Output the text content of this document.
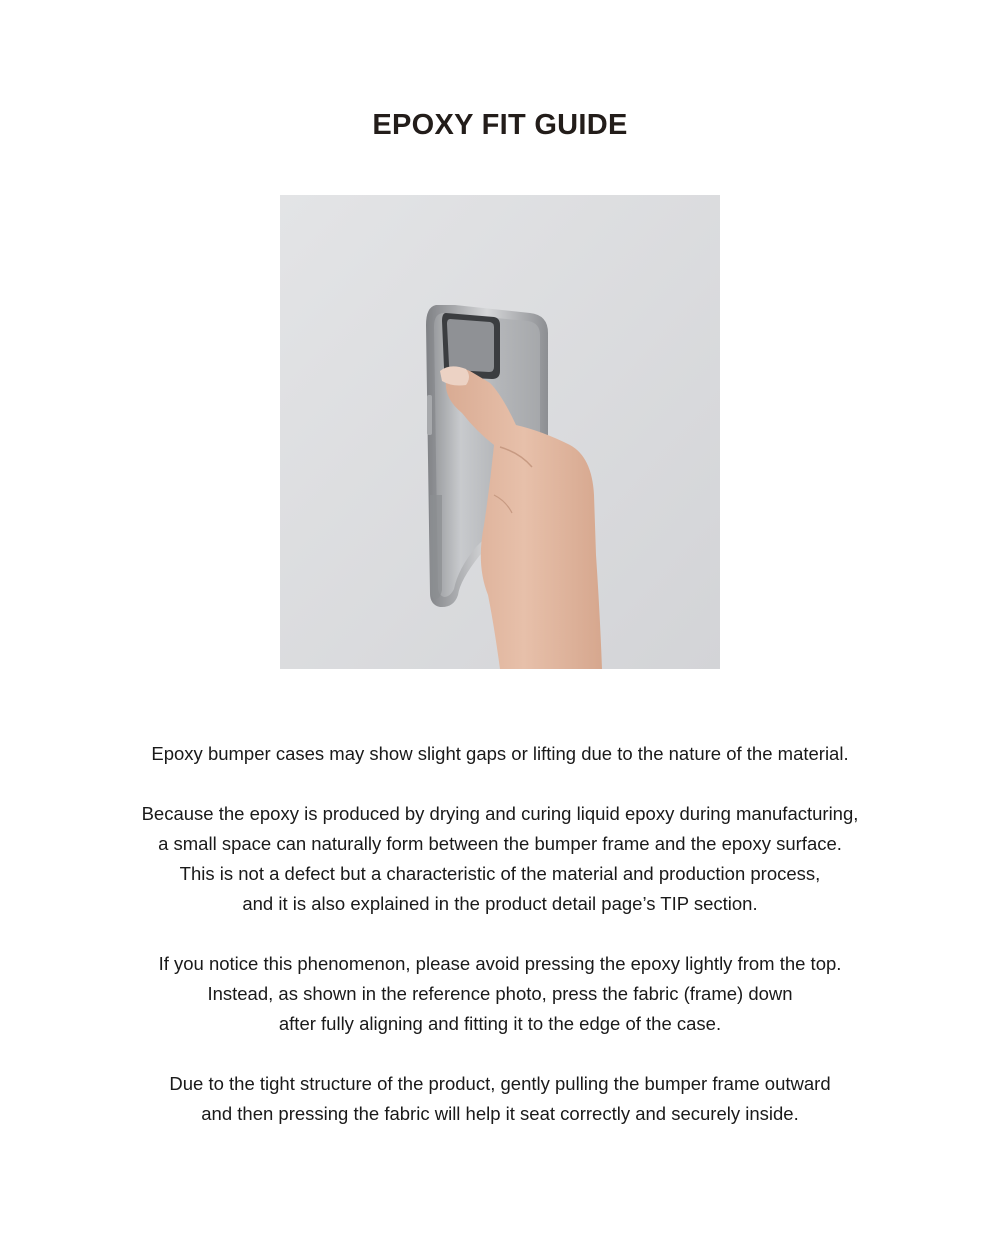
EPOXY FIT GUIDE

Epoxy bumper cases may show slight gaps or lifting due to the nature of the material.

Because the epoxy is produced by drying and curing liquid epoxy during manufacturing,
a small space can naturally form between the bumper frame and the epoxy surface.
This is not a defect but a characteristic of the material and production process,
and it is also explained in the product detail page’s TIP section.

If you notice this phenomenon, please avoid pressing the epoxy lightly from the top.
Instead, as shown in the reference photo, press the fabric (frame) down
after fully aligning and fitting it to the edge of the case.

Due to the tight structure of the product, gently pulling the bumper frame outward
and then pressing the fabric will help it seat correctly and securely inside.
